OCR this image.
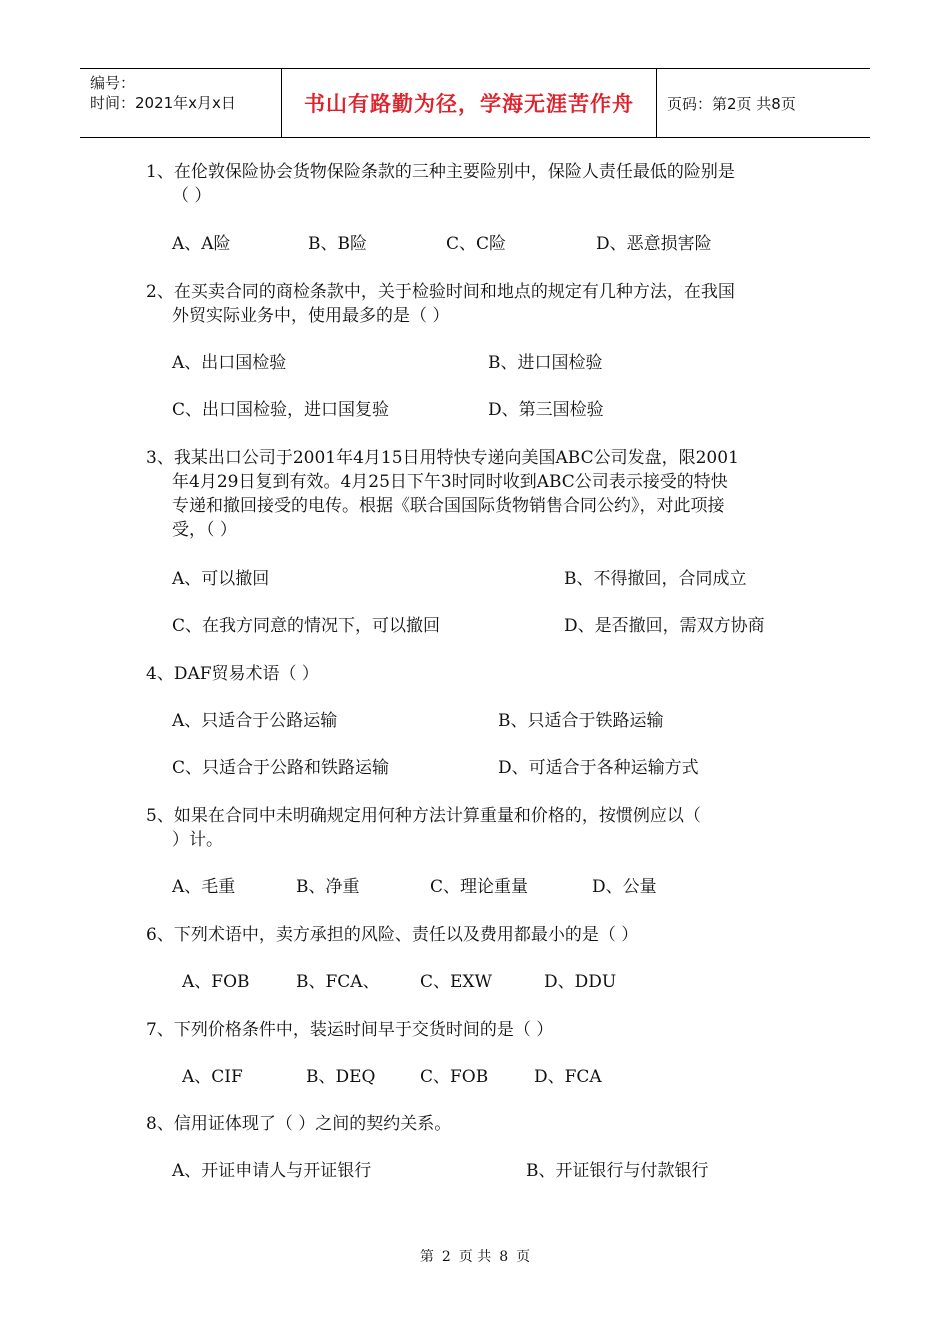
编号：
时间：2021年x月x日	书山有路勤为径，学海无涯苦作舟	页码：第2页 共8页
1、在伦敦保险协会货物保险条款的三种主要险别中，保险人责任最低的险别是
（ ）
A、A险	B、B险	C、C险	D、恶意损害险
2、在买卖合同的商检条款中，关于检验时间和地点的规定有几种方法，在我国
外贸实际业务中，使用最多的是（ ）
A、出口国检验	B、进口国检验
C、出口国检验，进口国复验	D、第三国检验
3、我某出口公司于2001年4月15日用特快专递向美国ABC公司发盘，限2001
年4月29日复到有效。4月25日下午3时同时收到ABC公司表示接受的特快
专递和撤回接受的电传。根据《联合国国际货物销售合同公约》，对此项接
受，（ ）
A、可以撤回	B、不得撤回，合同成立
C、在我方同意的情况下，可以撤回	D、是否撤回，需双方协商
4、DAF贸易术语（ ）
A、只适合于公路运输	B、只适合于铁路运输
C、只适合于公路和铁路运输	D、可适合于各种运输方式
5、如果在合同中未明确规定用何种方法计算重量和价格的，按惯例应以（
）计。
A、毛重	B、净重	C、理论重量	D、公量
6、下列术语中，卖方承担的风险、责任以及费用都最小的是（ ）
A、FOB	B、FCA、 C、EXW	D、DDU
7、下列价格条件中，装运时间早于交货时间的是（ ）
A、CIF	B、DEQ	C、FOB	D、FCA
8、信用证体现了（ ）之间的契约关系。
A、开证申请人与开证银行	B、开证银行与付款银行
第 2 页 共 8 页
